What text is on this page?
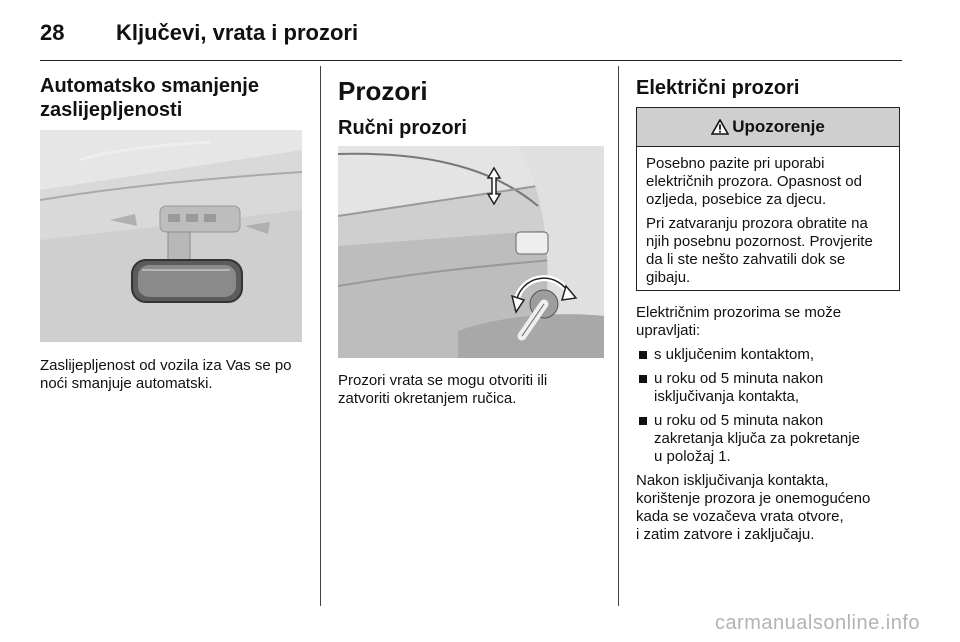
28 Ključevi, vrata i prozori
Automatsko smanjenje
zaslijepljenosti
Zaslijepljenost od vozila iza Vas se po
noći smanjuje automatski.
Prozori
Ručni prozori
Prozori vrata se mogu otvoriti ili
zatvoriti okretanjem ručica.
Električni prozori
Upozorenje

Posebno pazite pri uporabi
električnih prozora. Opasnost od
ozljeda, posebice za djecu.

Pri zatvaranju prozora obratite na
njih posebnu pozornost. Provjerite
da li ste nešto zahvatili dok se
gibaju.

Električnim prozorima se može
upravljati:
s uključenim kontaktom,
u roku od 5 minuta nakon
isključivanja kontakta,
u roku od 5 minuta nakon
zakretanja ključa za pokretanje
u položaj 1.
Nakon isključivanja kontakta,
korištenje prozora je onemogućeno
kada se vozačeva vrata otvore,
i zatim zatvore i zaključaju.
carmanualsonline.info
